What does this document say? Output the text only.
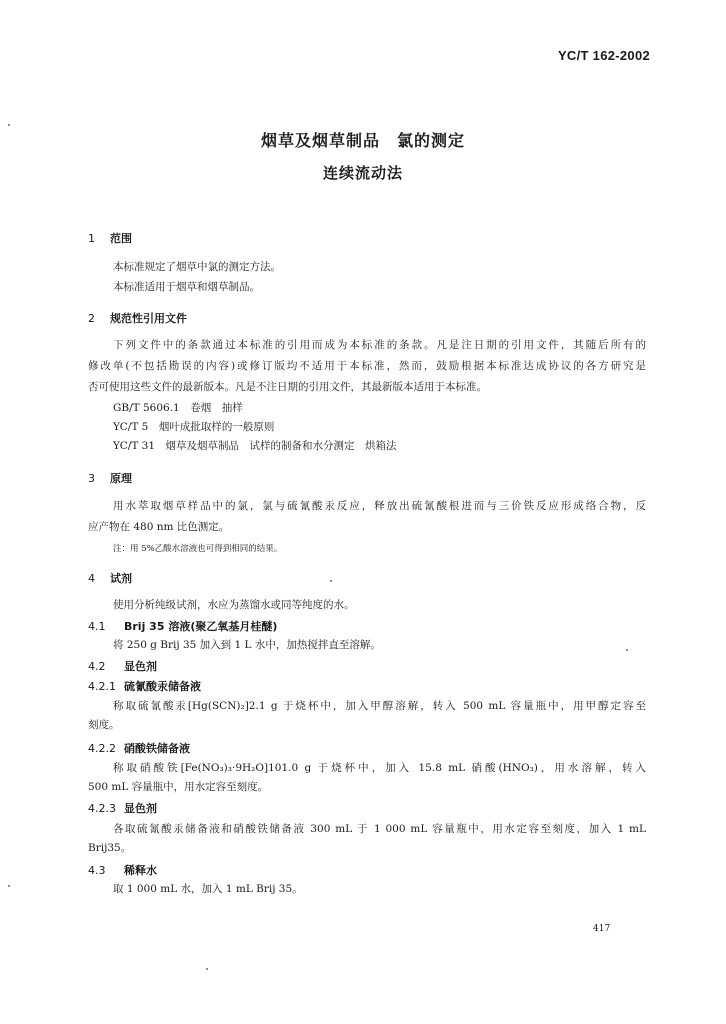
YC/T 162-2002
烟草及烟草制品　氯的测定
连续流动法
1 范围
本标准规定了烟草中氯的测定方法。
本标准适用于烟草和烟草制品。
2 规范性引用文件
下列文件中的条款通过本标准的引用而成为本标准的条款。凡是注日期的引用文件，其随后所有的
修改单(不包括勘误的内容)或修订版均不适用于本标准，然而，鼓励根据本标准达成协议的各方研究是
否可使用这些文件的最新版本。凡是不注日期的引用文件，其最新版本适用于本标准。
GB/T 5606.1　卷烟　抽样
YC/T 5　烟叶成批取样的一般原则
YC/T 31　烟草及烟草制品　试样的制备和水分测定　烘箱法
3 原理
用水萃取烟草样品中的氯，氯与硫氰酸汞反应，释放出硫氰酸根进而与三价铁反应形成络合物，反
应产物在 480 nm 比色测定。
注：用 5%乙酸水溶液也可得到相同的结果。
4 试剂
使用分析纯级试剂，水应为蒸馏水或同等纯度的水。
4.1 Brij 35 溶液(聚乙氧基月桂醚)
将 250 g Brij 35 加入到 1 L 水中，加热搅拌直至溶解。
4.2 显色剂
4.2.1 硫氰酸汞储备液
称取硫氰酸汞[Hg(SCN)₂]2.1 g 于烧杯中，加入甲醇溶解，转入 500 mL 容量瓶中，用甲醇定容至
刻度。
4.2.2 硝酸铁储备液
称取硝酸铁[Fe(NO₃)₃·9H₂O]101.0 g 于烧杯中，加入 15.8 mL 硝酸(HNO₃)，用水溶解，转入
500 mL 容量瓶中，用水定容至刻度。
4.2.3 显色剂
各取硫氰酸汞储备液和硝酸铁储备液 300 mL 于 1 000 mL 容量瓶中，用水定容至刻度，加入 1 mL
Brij35。
4.3 稀释水
取 1 000 mL 水，加入 1 mL Brij 35。
417
